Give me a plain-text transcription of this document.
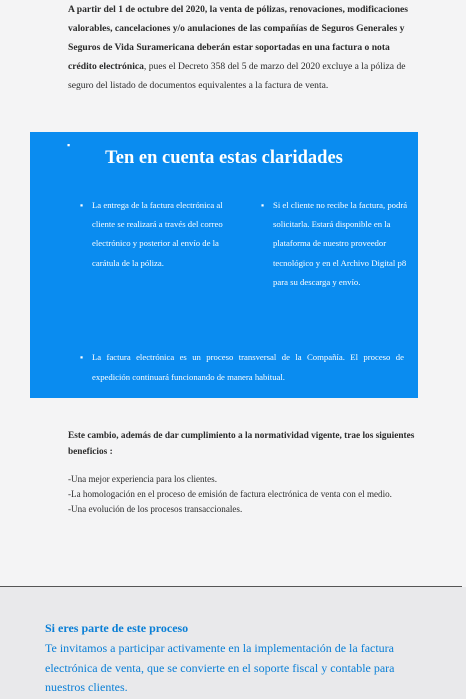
A partir del 1 de octubre del 2020, la venta de pólizas, renovaciones, modificaciones valorables, cancelaciones y/o anulaciones de las compañías de Seguros Generales y Seguros de Vida Suramericana deberán estar soportadas en una factura o nota crédito electrónica, pues el Decreto 358 del 5 de marzo del 2020 excluye a la póliza de seguro del listado de documentos equivalentes a la factura de venta.
▪
Ten en cuenta estas claridades
▪ La entrega de la factura electrónica al cliente se realizará a través del correo electrónico y posterior al envío de la carátula de la póliza.
▪ Si el cliente no recibe la factura, podrá solicitarla. Estará disponible en la plataforma de nuestro proveedor tecnológico y en el Archivo Digital p8 para su descarga y envío.
▪ La factura electrónica es un proceso transversal de la Compañía. El proceso de expedición continuará funcionando de manera habitual.
Este cambio, además de dar cumplimiento a la normatividad vigente, trae los siguientes beneficios :
-Una mejor experiencia para los clientes.
-La homologación en el proceso de emisión de factura electrónica de venta con el medio.
-Una evolución de los procesos transaccionales.
Si eres parte de este proceso
Te invitamos a participar activamente en la implementación de la factura electrónica de venta, que se convierte en el soporte fiscal y contable para nuestros clientes.
